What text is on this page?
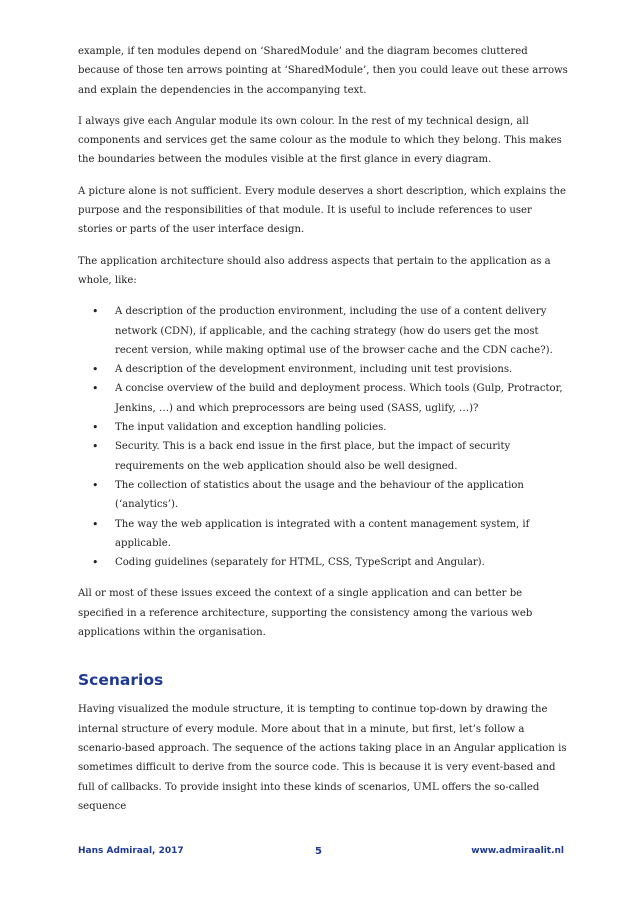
example, if ten modules depend on ‘SharedModule’ and the diagram becomes cluttered because of those ten arrows pointing at ‘SharedModule’, then you could leave out these arrows and explain the dependencies in the accompanying text.

I always give each Angular module its own colour. In the rest of my technical design, all components and services get the same colour as the module to which they belong. This makes the boundaries between the modules visible at the first glance in every diagram.

A picture alone is not sufficient. Every module deserves a short description, which explains the purpose and the responsibilities of that module. It is useful to include references to user stories or parts of the user interface design.

The application architecture should also address aspects that pertain to the application as a whole, like:

• A description of the production environment, including the use of a content delivery network (CDN), if applicable, and the caching strategy (how do users get the most recent version, while making optimal use of the browser cache and the CDN cache?).
• A description of the development environment, including unit test provisions.
• A concise overview of the build and deployment process. Which tools (Gulp, Protractor, Jenkins, …) and which preprocessors are being used (SASS, uglify, …)?
• The input validation and exception handling policies.
• Security. This is a back end issue in the first place, but the impact of security requirements on the web application should also be well designed.
• The collection of statistics about the usage and the behaviour of the application (‘analytics’).
• The way the web application is integrated with a content management system, if applicable.
• Coding guidelines (separately for HTML, CSS, TypeScript and Angular).

All or most of these issues exceed the context of a single application and can better be specified in a reference architecture, supporting the consistency among the various web applications within the organisation.

Scenarios

Having visualized the module structure, it is tempting to continue top-down by drawing the internal structure of every module. More about that in a minute, but first, let’s follow a scenario-based approach. The sequence of the actions taking place in an Angular application is sometimes difficult to derive from the source code. This is because it is very event-based and full of callbacks. To provide insight into these kinds of scenarios, UML offers the so-called sequence

Hans Admiraal, 2017	5	www.admiraalit.nl
